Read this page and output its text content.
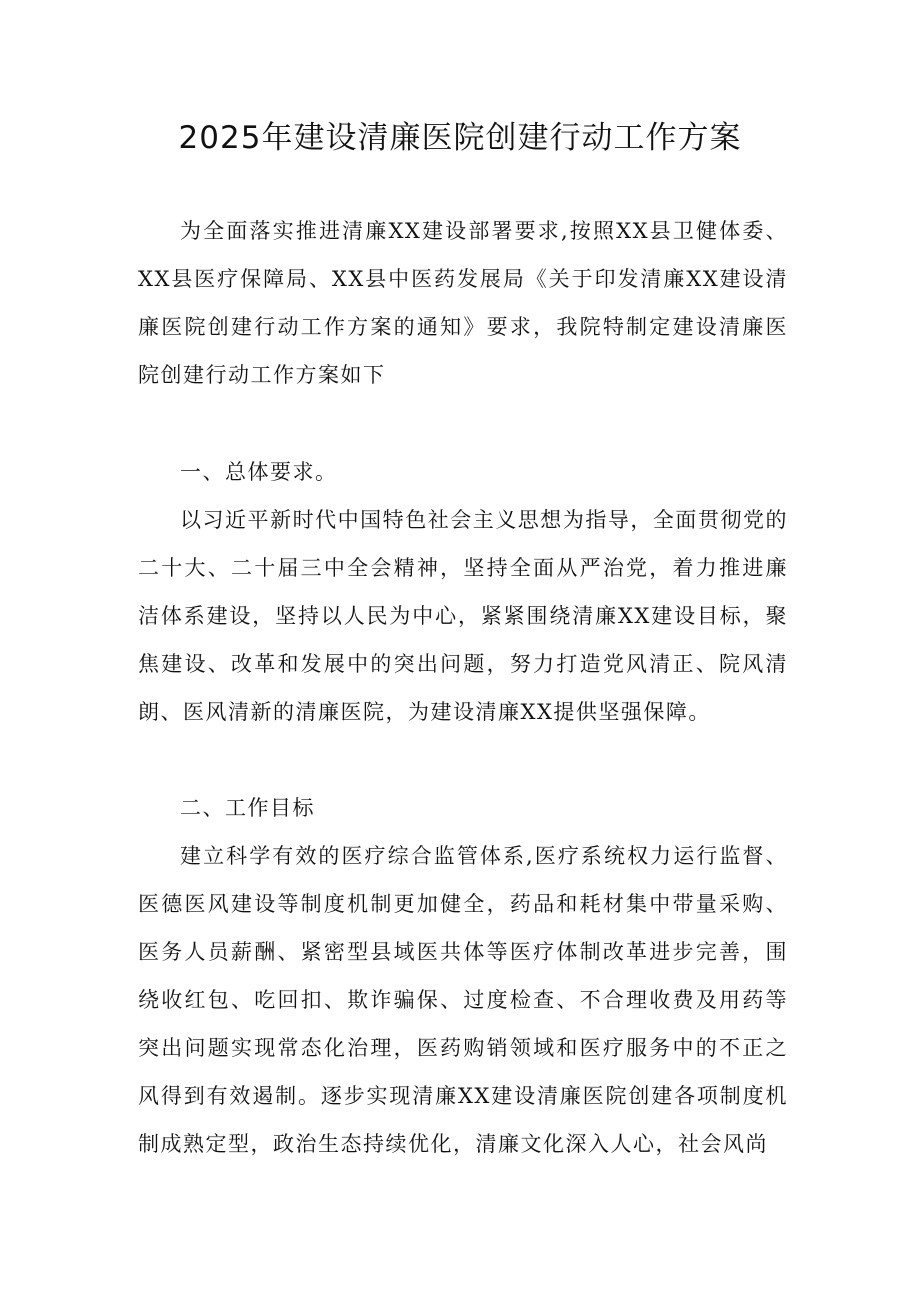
2025年建设清廉医院创建行动工作方案

为全面落实推进清廉XX建设部署要求,按照XX县卫健体委、XX县医疗保障局、XX县中医药发展局《关于印发清廉XX建设清廉医院创建行动工作方案的通知》要求，我院特制定建设清廉医院创建行动工作方案如下

一、总体要求。

以习近平新时代中国特色社会主义思想为指导，全面贯彻党的二十大、二十届三中全会精神，坚持全面从严治党，着力推进廉洁体系建设，坚持以人民为中心，紧紧围绕清廉XX建设目标，聚焦建设、改革和发展中的突出问题，努力打造党风清正、院风清朗、医风清新的清廉医院，为建设清廉XX提供坚强保障。

二、工作目标

建立科学有效的医疗综合监管体系,医疗系统权力运行监督、医德医风建设等制度机制更加健全，药品和耗材集中带量采购、医务人员薪酬、紧密型县域医共体等医疗体制改革进步完善，围绕收红包、吃回扣、欺诈骗保、过度检查、不合理收费及用药等突出问题实现常态化治理，医药购销领域和医疗服务中的不正之风得到有效遏制。逐步实现清廉XX建设清廉医院创建各项制度机制成熟定型，政治生态持续优化，清廉文化深入人心，社会风尚
